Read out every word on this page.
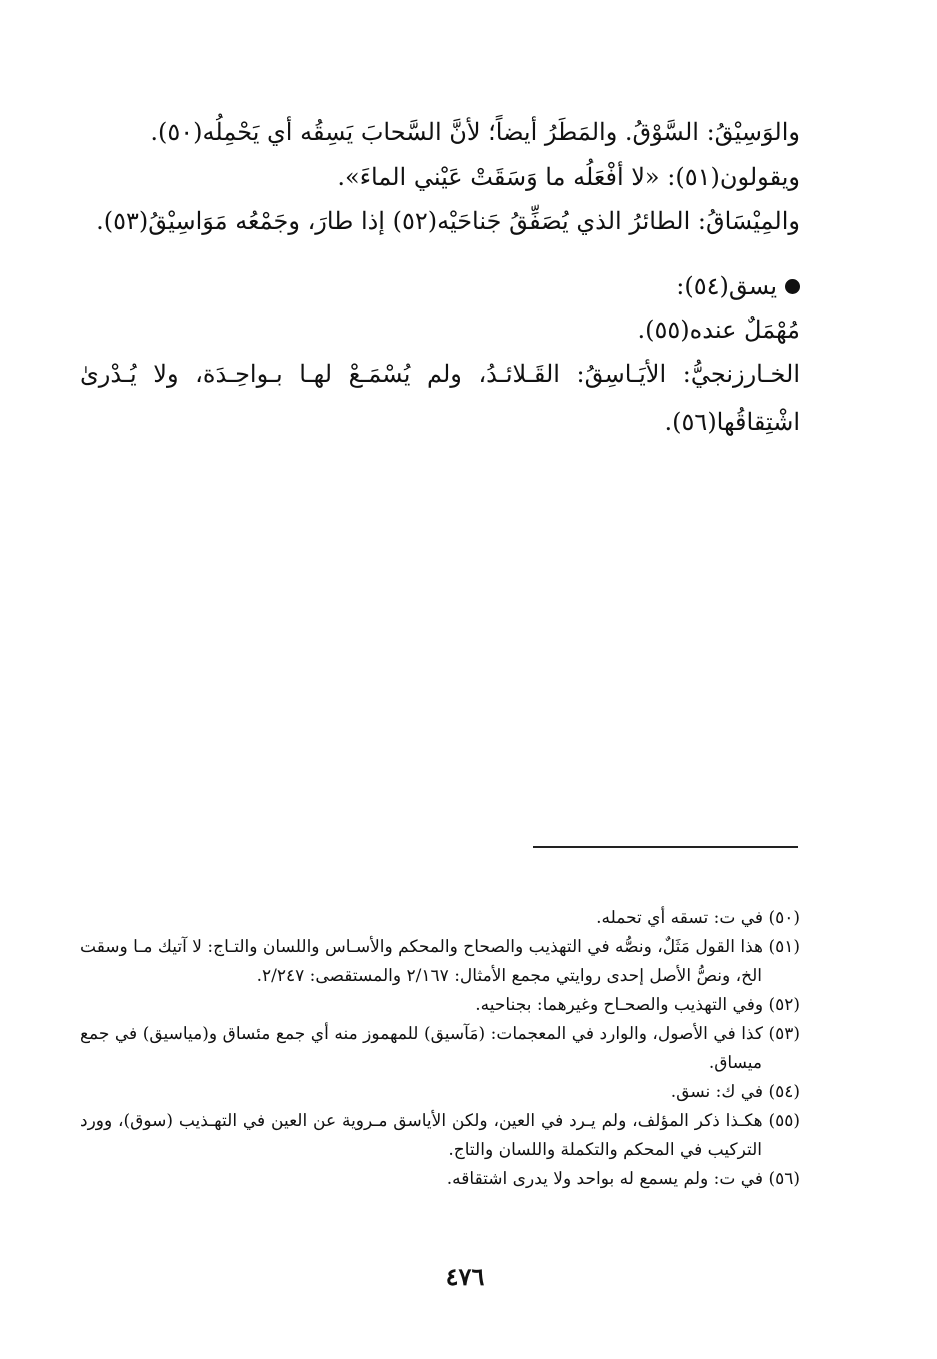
والوَسِيْقُ: السَّوْقُ. والمَطَرُ أيضاً؛ لأنَّ السَّحابَ يَسِقُه أي يَحْمِلُه(٥٠).
ويقولون(٥١): «لا أفْعَلُه ما وَسَقَتْ عَيْني الماءَ».
والمِيْسَاقُ: الطائرُ الذي يُصَفِّقُ جَناحَيْه(٥٢) إذا طارَ، وجَمْعُه مَوَاسِيْقُ(٥٣).
يسق(٥٤):
مُهْمَلٌ عنده(٥٥).
الخـارزنجيُّ: الأيَـاسِقُ: القَـلائـدُ، ولم يُسْمَـعْ لهـا بـواحِـدَة، ولا يُـدْرىٰ اشْتِقاقُها(٥٦).

(٥٠) في ت: تسقه أي تحمله.

(٥١) هذا القول مَثَلٌ، ونصُّه في التهذيب والصحاح والمحكم والأسـاس واللسان والتـاج: لا آتيك مـا وسقت الخ، ونصُّ الأصل إحدى روايتي مجمع الأمثال: ٢/١٦٧ والمستقصى: ٢/٢٤٧.

(٥٢) وفي التهذيب والصحـاح وغيرهما: بجناحيه.

(٥٣) كذا في الأصول، والوارد في المعجمات: (مَآسيق) للمهموز منه أي جمع مئساق و(مياسيق) في جمع ميساق.

(٥٤) في ك: نسق.

(٥٥) هكـذا ذكر المؤلف، ولم يـرد في العين، ولكن الأياسق مـروية عن العين في التهـذيب (سوق)، وورد التركيب في المحكم والتكملة واللسان والتاج.

(٥٦) في ت: ولم يسمع له بواحد ولا يدرى اشتقاقه.

٤٧٦
